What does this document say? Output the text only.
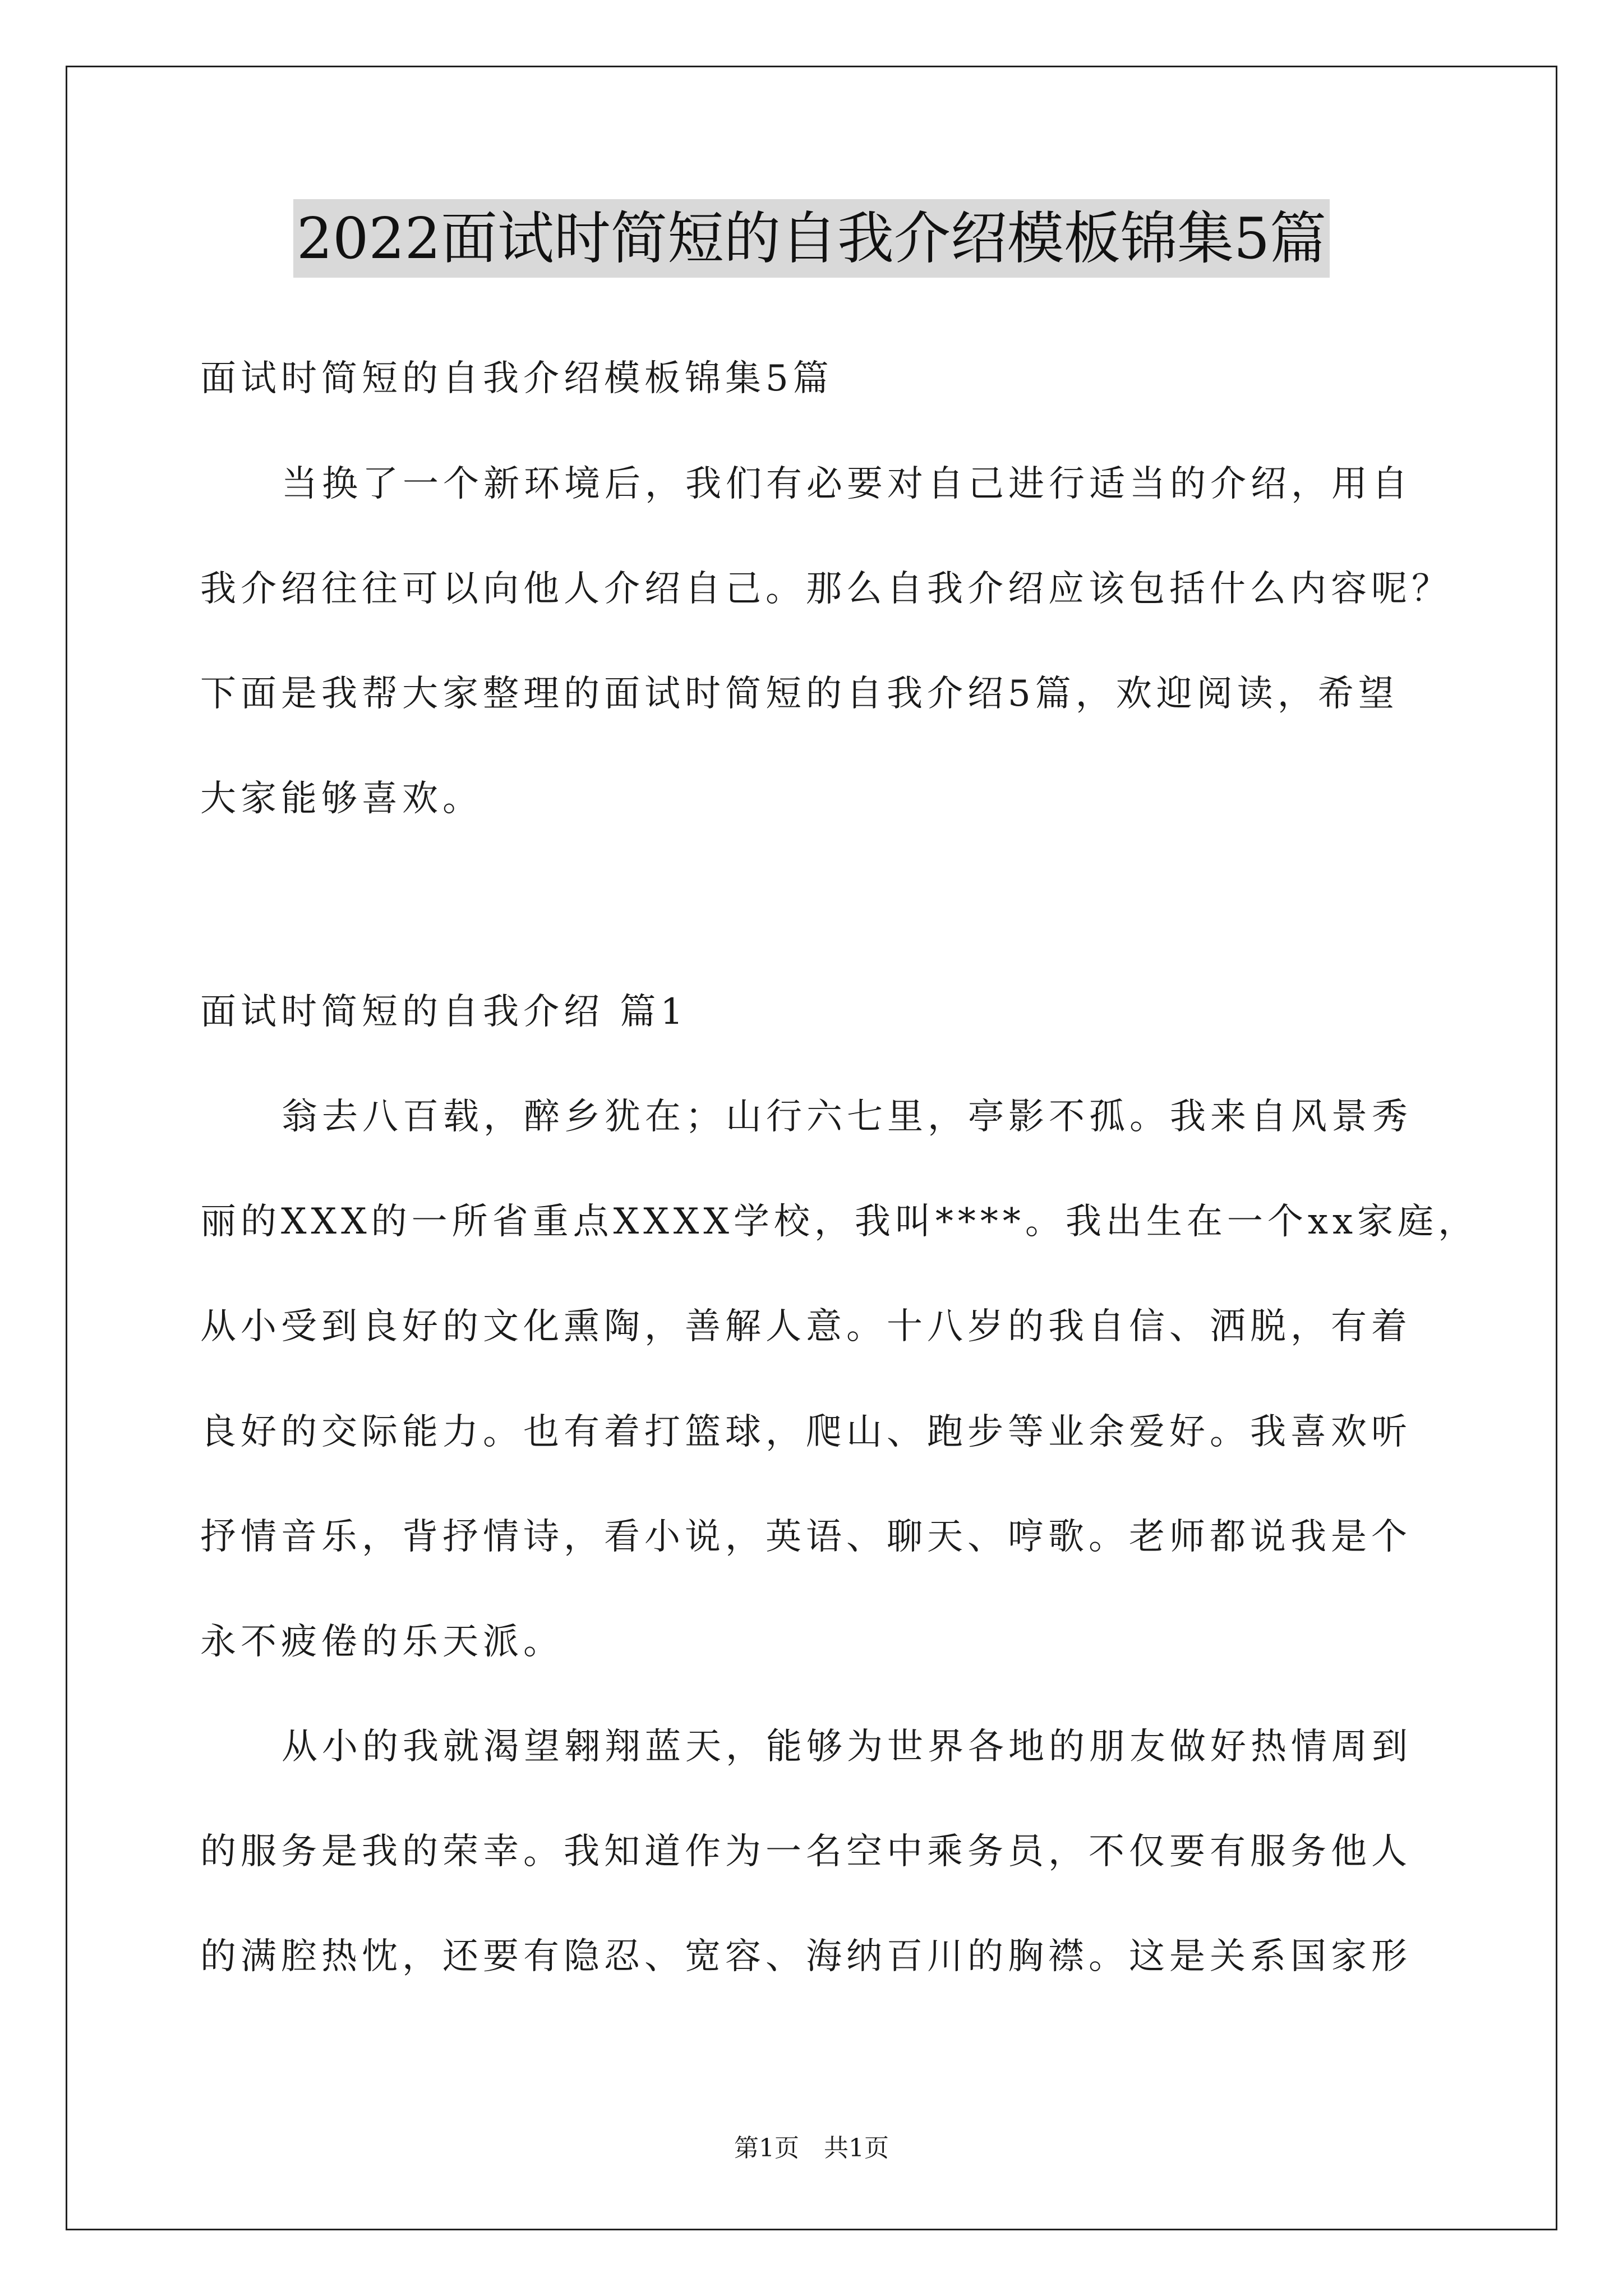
2022面试时简短的自我介绍模板锦集5篇
面试时简短的自我介绍模板锦集5篇
当换了一个新环境后，我们有必要对自己进行适当的介绍，用自
我介绍往往可以向他人介绍自己。那么自我介绍应该包括什么内容呢？
下面是我帮大家整理的面试时简短的自我介绍5篇，欢迎阅读，希望
大家能够喜欢。
面试时简短的自我介绍 篇1
翁去八百载，醉乡犹在；山行六七里，亭影不孤。我来自风景秀
丽的XXX的一所省重点XXXX学校，我叫****。我出生在一个xx家庭，
从小受到良好的文化熏陶，善解人意。十八岁的我自信、洒脱，有着
良好的交际能力。也有着打篮球，爬山、跑步等业余爱好。我喜欢听
抒情音乐，背抒情诗，看小说，英语、聊天、哼歌。老师都说我是个
永不疲倦的乐天派。
从小的我就渴望翱翔蓝天，能够为世界各地的朋友做好热情周到
的服务是我的荣幸。我知道作为一名空中乘务员，不仅要有服务他人
的满腔热忱，还要有隐忍、宽容、海纳百川的胸襟。这是关系国家形
第1页　共1页
